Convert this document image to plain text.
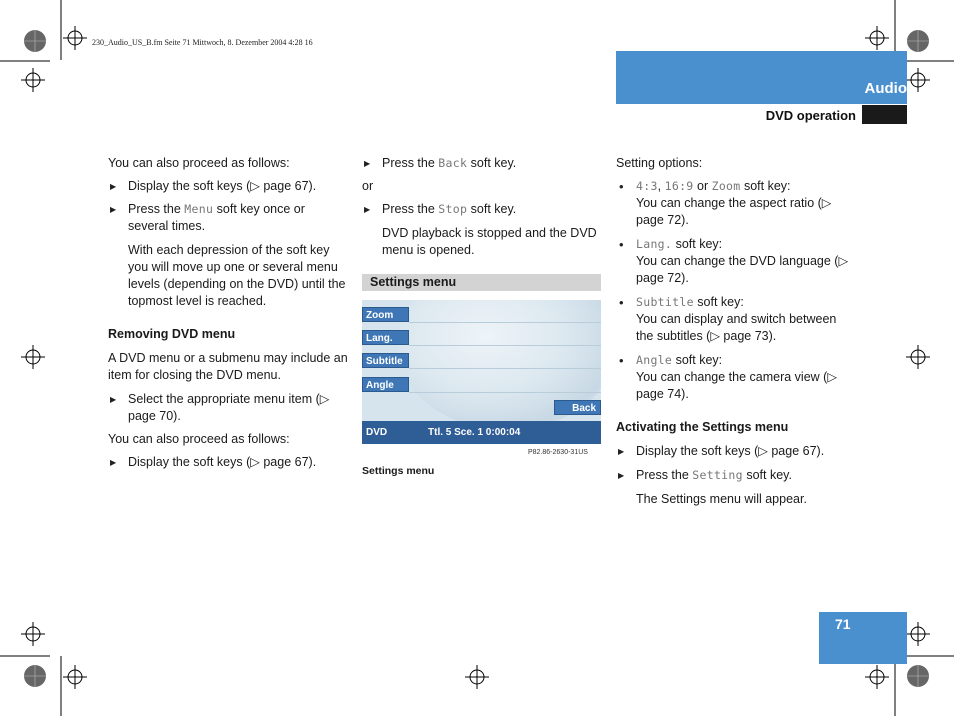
230_Audio_US_B.fm Seite 71 Mittwoch, 8. Dezember 2004 4:28 16
Audio
DVD operation

You can also proceed as follows:

▶ Display the soft keys (▷ page 67).

▶ Press the Menu soft key once or several times.

With each depression of the soft key you will move up one or several menu levels (depending on the DVD) until the topmost level is reached.

Removing DVD menu

A DVD menu or a submenu may include an item for closing the DVD menu.

▶ Select the appropriate menu item (▷ page 70).

You can also proceed as follows:

▶ Display the soft keys (▷ page 67).

▶ Press the Back soft key.

or

▶ Press the Stop soft key.

DVD playback is stopped and the DVD menu is opened.

Settings menu
Zoom
Lang.
Subtitle
Angle
Back
DVD	Ttl. 5 Sce. 1 0:00:04
P82.86-2630-31US
Settings menu

Setting options:

• 4:3, 16:9 or Zoom soft key:

You can change the aspect ratio (▷ page 72).

• Lang. soft key:

You can change the DVD language (▷ page 72).

• Subtitle soft key:

You can display and switch between the subtitles (▷ page 73).

• Angle soft key:

You can change the camera view (▷ page 74).

Activating the Settings menu

▶ Display the soft keys (▷ page 67).

▶ Press the Setting soft key.

The Settings menu will appear.

71
